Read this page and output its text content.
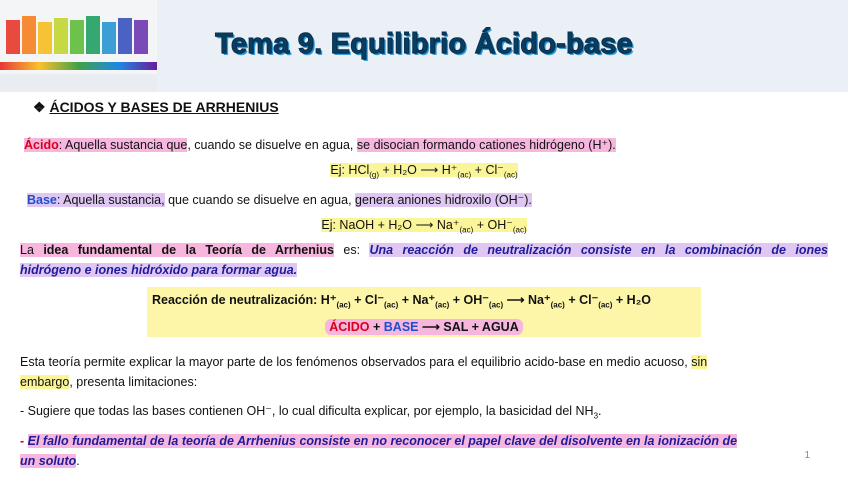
Tema 9. Equilibrio Ácido-base
❖ ÁCIDOS Y BASES DE ARRHENIUS
Ácido: Aquella sustancia que, cuando se disuelve en agua, se disocian formando cationes hidrógeno (H⁺).
Ej: HCl$_{(g)}$ + H₂O ⟶ $H^+_{(ac)} + Cl^-_{(ac)}$
Base: Aquella sustancia, que cuando se disuelve en agua, genera aniones hidroxilo (OH⁻).
Ej: NaOH + H₂O ⟶ $Na^+_{(ac)} + OH^-_{(ac)}$
La idea fundamental de la Teoría de Arrhenius es: Una reacción de neutralización consiste en la combinación de iones
hidrógeno e iones hidróxido para formar agua.
Reacción de neutralización: $H^+_{(ac)} + Cl^-_{(ac)} + Na^+_{(ac)} + OH^-_{(ac)}$ ⟶ $Na^+_{(ac)} + Cl^-_{(ac)} + H_2O$
ÁCIDO + BASE ⟶ SAL + AGUA
Esta teoría permite explicar la mayor parte de los fenómenos observados para el equilibrio acido-base en medio acuoso, sin
embargo, presenta limitaciones:
- Sugiere que todas las bases contienen OH⁻, lo cual dificulta explicar, por ejemplo, la basicidad del $NH_3$.
- El fallo fundamental de la teoría de Arrhenius consiste en no reconocer el papel clave del disolvente en la ionización de
un soluto.	1
